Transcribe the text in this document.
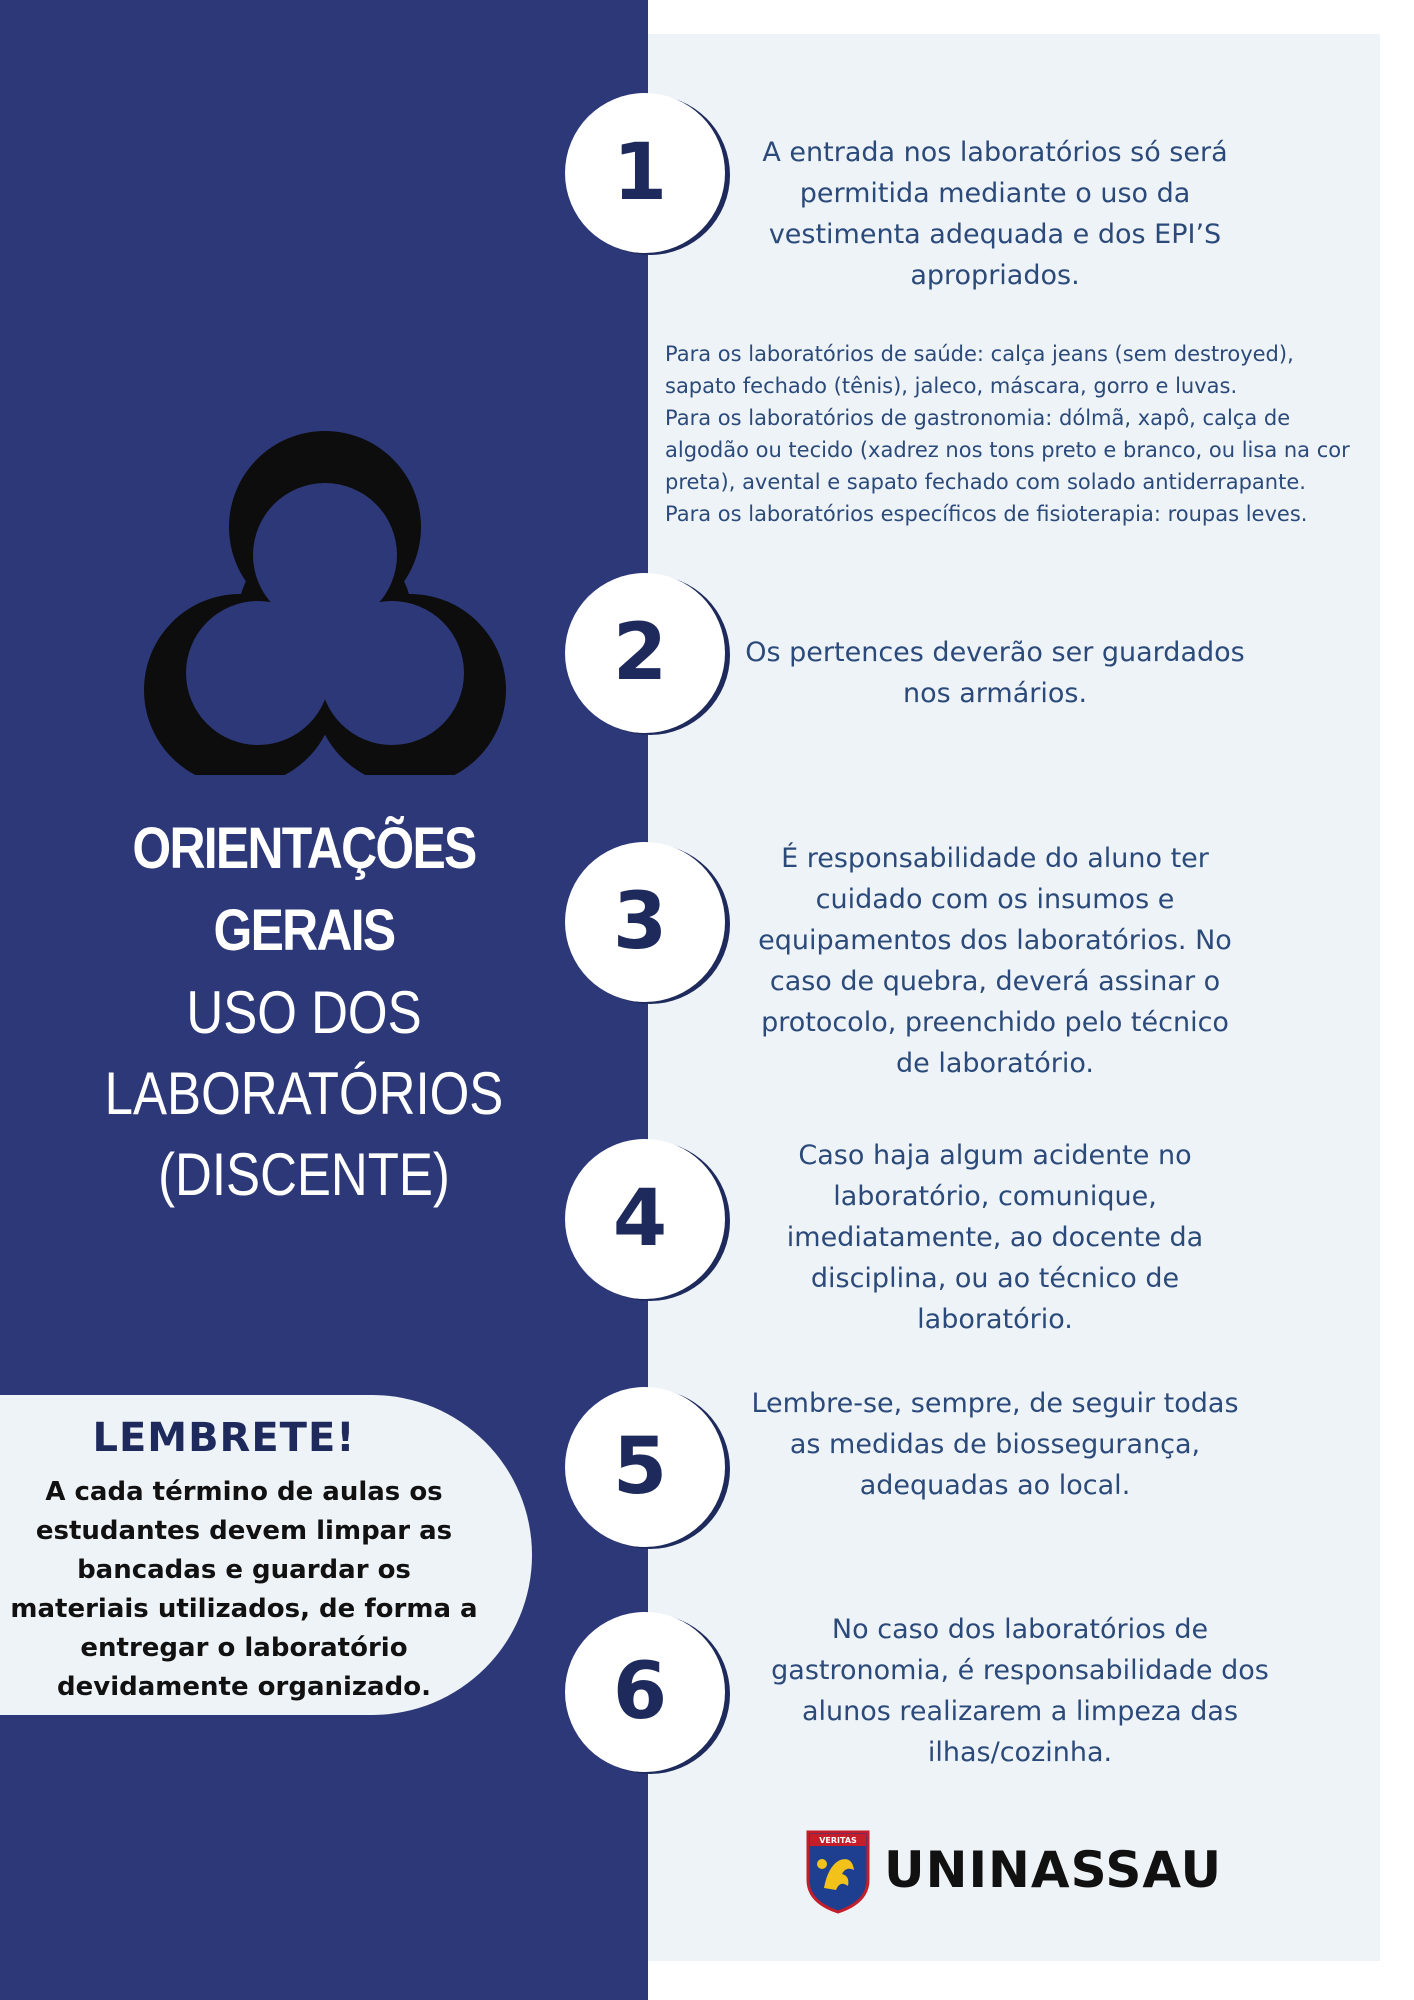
ORIENTAÇÕES GERAIS
USO DOS
LABORATÓRIOS
(DISCENTE)
LEMBRETE!
A cada término de aulas os estudantes devem limpar as bancadas e guardar os materiais utilizados, de forma a entregar o laboratório devidamente organizado.
1
2
3
4
5
6
A entrada nos laboratórios só será permitida mediante o uso da vestimenta adequada e dos EPI’S apropriados.
Os pertences deverão ser guardados nos armários.
É responsabilidade do aluno ter cuidado com os insumos e equipamentos dos laboratórios. No caso de quebra, deverá assinar o protocolo, preenchido pelo técnico de laboratório.
Caso haja algum acidente no laboratório, comunique, imediatamente, ao docente da disciplina, ou ao técnico de laboratório.
Lembre-se, sempre, de seguir todas as medidas de biossegurança, adequadas ao local.
No caso dos laboratórios de gastronomia, é responsabilidade dos alunos realizarem a limpeza das ilhas/cozinha.
Para os laboratórios de saúde: calça jeans (sem destroyed),
sapato fechado (tênis), jaleco, máscara, gorro e luvas.
Para os laboratórios de gastronomia: dólmã, xapô, calça de
algodão ou tecido (xadrez nos tons preto e branco, ou lisa na cor
preta), avental e sapato fechado com solado antiderrapante.
Para os laboratórios específicos de fisioterapia: roupas leves.
VERITAS
UNINASSAU
